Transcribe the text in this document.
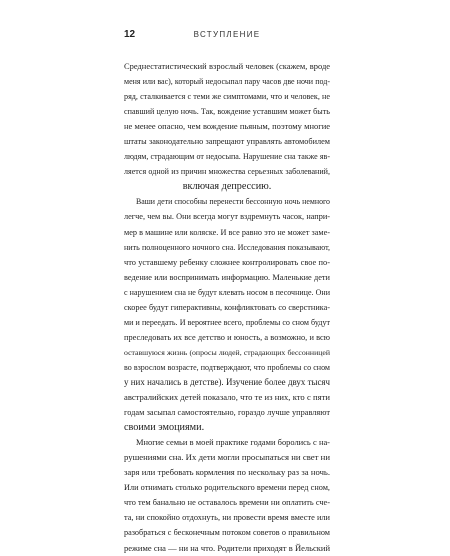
12	ВСТУПЛЕНИЕ
Среднестатистический взрослый человек (скажем, вроде
меня или вас), который недосыпал пару часов две ночи под-
ряд, сталкивается с теми же симптомами, что и человек, не
спавший целую ночь. Так, вождение уставшим может быть
не менее опасно, чем вождение пьяным, поэтому многие
штаты законодательно запрещают управлять автомобилем
людям, страдающим от недосыпа. Нарушение сна также яв-
ляется одной из причин множества серьезных заболеваний,
включая депрессию.
Ваши дети способны перенести бессонную ночь немного
легче, чем вы. Они всегда могут вздремнуть часок, напри-
мер в машине или коляске. И все равно это не может заме-
нить полноценного ночного сна. Исследования показывают,
что уставшему ребенку сложнее контролировать свое по-
ведение или воспринимать информацию. Маленькие дети
с нарушением сна не будут клевать носом в песочнице. Они
скорее будут гиперактивны, конфликтовать со сверстника-
ми и переедать. И вероятнее всего, проблемы со сном будут
преследовать их все детство и юность, а возможно, и всю
оставшуюся жизнь (опросы людей, страдающих бессонницей
во взрослом возрасте, подтверждают, что проблемы со сном
у них начались в детстве). Изучение более двух тысяч
австралийских детей показало, что те из них, кто с пяти
годам засыпал самостоятельно, гораздо лучше управляют
своими эмоциями.
Многие семьи в моей практике годами боролись с на-
рушениями сна. Их дети могли просыпаться ни свет ни
заря или требовать кормления по нескольку раз за ночь.
Или отнимать столько родительского времени перед сном,
что тем банально не оставалось времени ни оплатить сче-
та, ни спокойно отдохнуть, ни провести время вместе или
разобраться с бесконечным потоком советов о правильном
режиме сна — ни на что. Родители приходят в Йельский
